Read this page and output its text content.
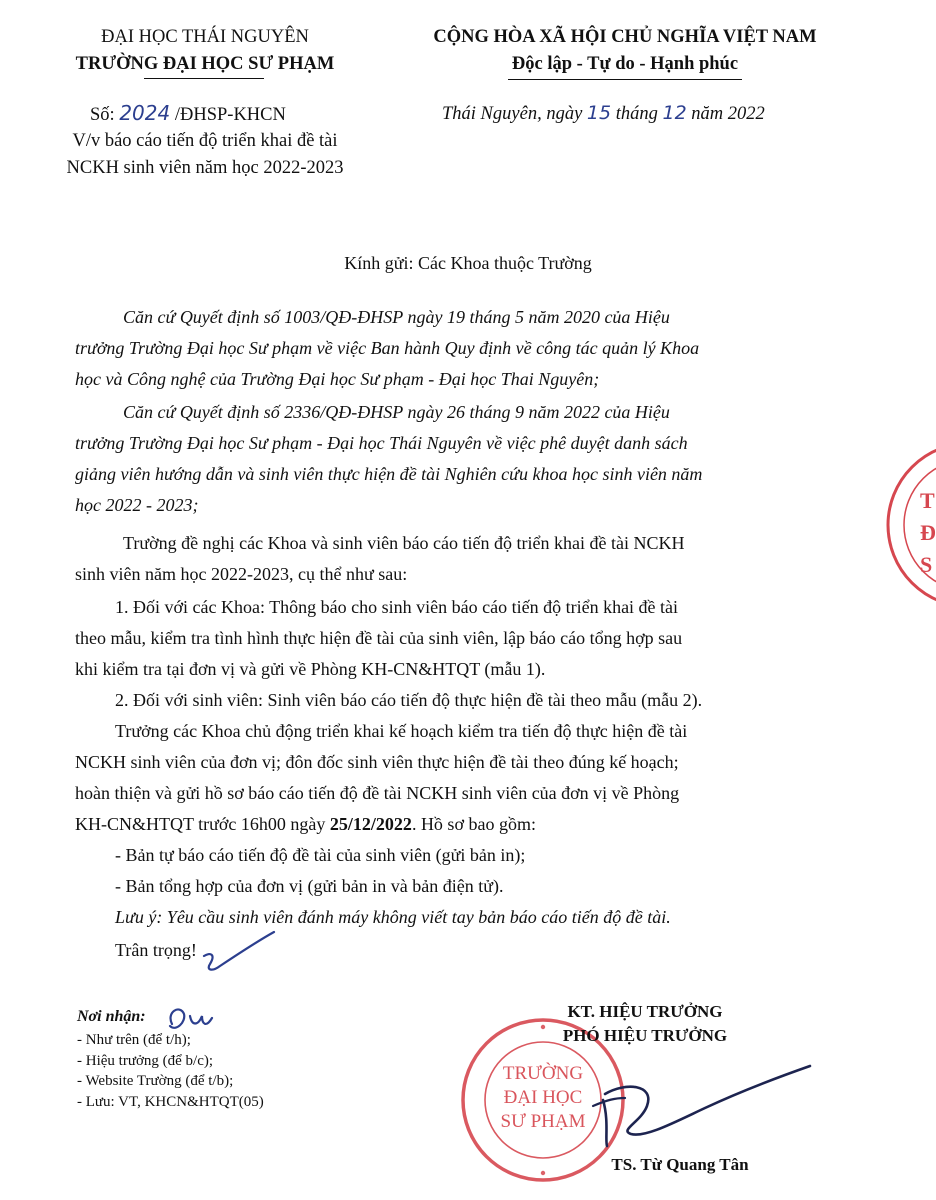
ĐẠI HỌC THÁI NGUYÊN
TRƯỜNG ĐẠI HỌC SƯ PHẠM
CỘNG HÒA XÃ HỘI CHỦ NGHĨA VIỆT NAM
Độc lập - Tự do - Hạnh phúc
Số: 2024 /ĐHSP-KHCN
V/v báo cáo tiến độ triển khai đề tài
NCKH sinh viên năm học 2022-2023
Thái Nguyên, ngày 15 tháng 12 năm 2022
Kính gửi: Các Khoa thuộc Trường
Căn cứ Quyết định số 1003/QĐ-ĐHSP ngày 19 tháng 5 năm 2020 của Hiệu
trưởng Trường Đại học Sư phạm về việc Ban hành Quy định về công tác quản lý Khoa
học và Công nghệ của Trường Đại học Sư phạm - Đại học Thai Nguyên;
Căn cứ Quyết định số 2336/QĐ-ĐHSP ngày 26 tháng 9 năm 2022 của Hiệu
trưởng Trường Đại học Sư phạm - Đại học Thái Nguyên về việc phê duyệt danh sách
giảng viên hướng dẫn và sinh viên thực hiện đề tài Nghiên cứu khoa học sinh viên năm
học 2022 - 2023;
Trường đề nghị các Khoa và sinh viên báo cáo tiến độ triển khai đề tài NCKH
sinh viên năm học 2022-2023, cụ thể như sau:
1. Đối với các Khoa: Thông báo cho sinh viên báo cáo tiến độ triển khai đề tài
theo mẫu, kiểm tra tình hình thực hiện đề tài của sinh viên, lập báo cáo tổng hợp sau
khi kiểm tra tại đơn vị và gửi về Phòng KH-CN&HTQT (mẫu 1).
2. Đối với sinh viên: Sinh viên báo cáo tiến độ thực hiện đề tài theo mẫu (mẫu 2).
Trưởng các Khoa chủ động triển khai kế hoạch kiểm tra tiến độ thực hiện đề tài
NCKH sinh viên của đơn vị; đôn đốc sinh viên thực hiện đề tài theo đúng kế hoạch;
hoàn thiện và gửi hồ sơ báo cáo tiến độ đề tài NCKH sinh viên của đơn vị về Phòng
KH-CN&HTQT trước 16h00 ngày 25/12/2022. Hồ sơ bao gồm:
- Bản tự báo cáo tiến độ đề tài của sinh viên (gửi bản in);
- Bản tổng hợp của đơn vị (gửi bản in và bản điện tử).
Lưu ý: Yêu cầu sinh viên đánh máy không viết tay bản báo cáo tiến độ đề tài.
Trân trọng!
Nơi nhận:
- Như trên (để t/h);
- Hiệu trưởng (để b/c);
- Website Trường (để t/b);
- Lưu: VT, KHCN&HTQT(05)
T
Đ
S
TRƯỜNG
ĐẠI HỌC
SƯ PHẠM
KT. HIỆU TRƯỞNG
PHÓ HIỆU TRƯỞNG
TS. Từ Quang Tân
